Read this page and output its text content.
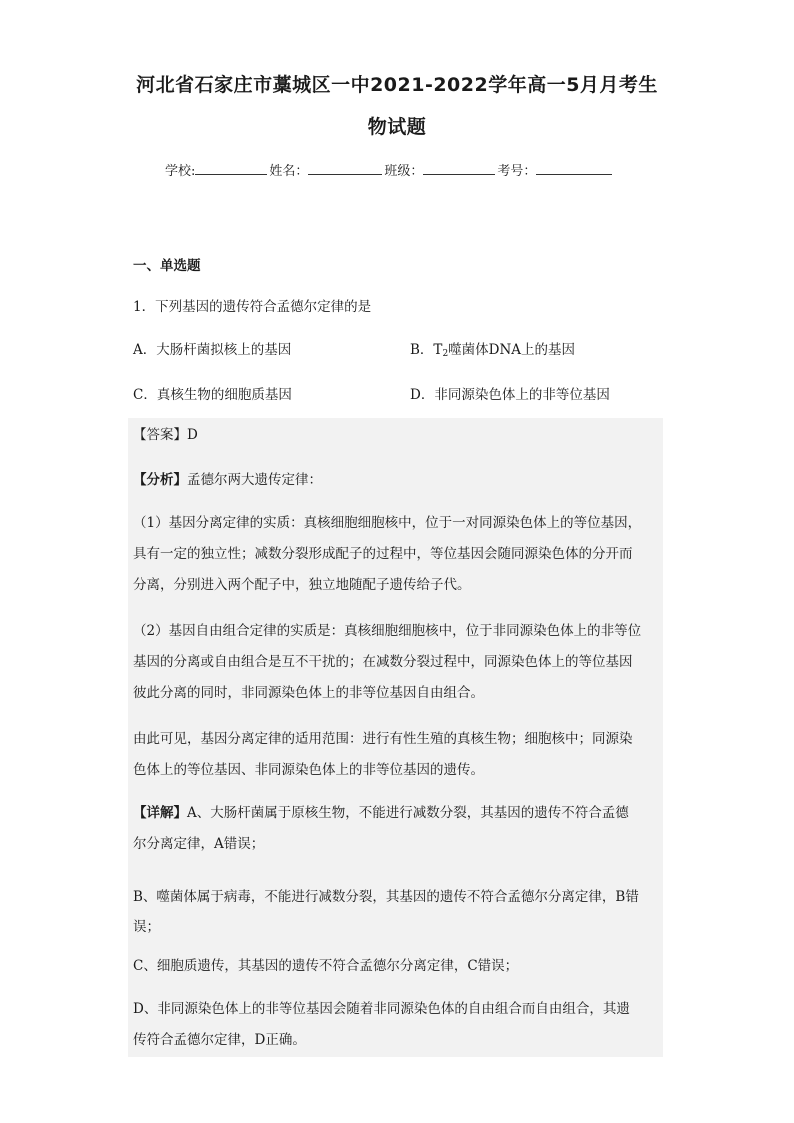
河北省石家庄市藁城区一中2021-2022学年高一5月月考生
物试题
学校:	姓名：	班级：	考号：
一、单选题
1．下列基因的遗传符合孟德尔定律的是
A．大肠杆菌拟核上的基因	B．$T_2$噬菌体DNA上的基因
C．真核生物的细胞质基因	D．非同源染色体上的非等位基因
【答案】D
【分析】孟德尔两大遗传定律：
（1）基因分离定律的实质：真核细胞细胞核中，位于一对同源染色体上的等位基因，
具有一定的独立性；减数分裂形成配子的过程中，等位基因会随同源染色体的分开而
分离，分别进入两个配子中，独立地随配子遗传给子代。
（2）基因自由组合定律的实质是：真核细胞细胞核中，位于非同源染色体上的非等位
基因的分离或自由组合是互不干扰的；在减数分裂过程中，同源染色体上的等位基因
彼此分离的同时，非同源染色体上的非等位基因自由组合。
由此可见，基因分离定律的适用范围：进行有性生殖的真核生物；细胞核中；同源染
色体上的等位基因、非同源染色体上的非等位基因的遗传。
【详解】A、大肠杆菌属于原核生物，不能进行减数分裂，其基因的遗传不符合孟德
尔分离定律，A错误；
B、噬菌体属于病毒，不能进行减数分裂，其基因的遗传不符合孟德尔分离定律，B错
误；
C、细胞质遗传，其基因的遗传不符合孟德尔分离定律，C错误；
D、非同源染色体上的非等位基因会随着非同源染色体的自由组合而自由组合，其遗
传符合孟德尔定律，D正确。
